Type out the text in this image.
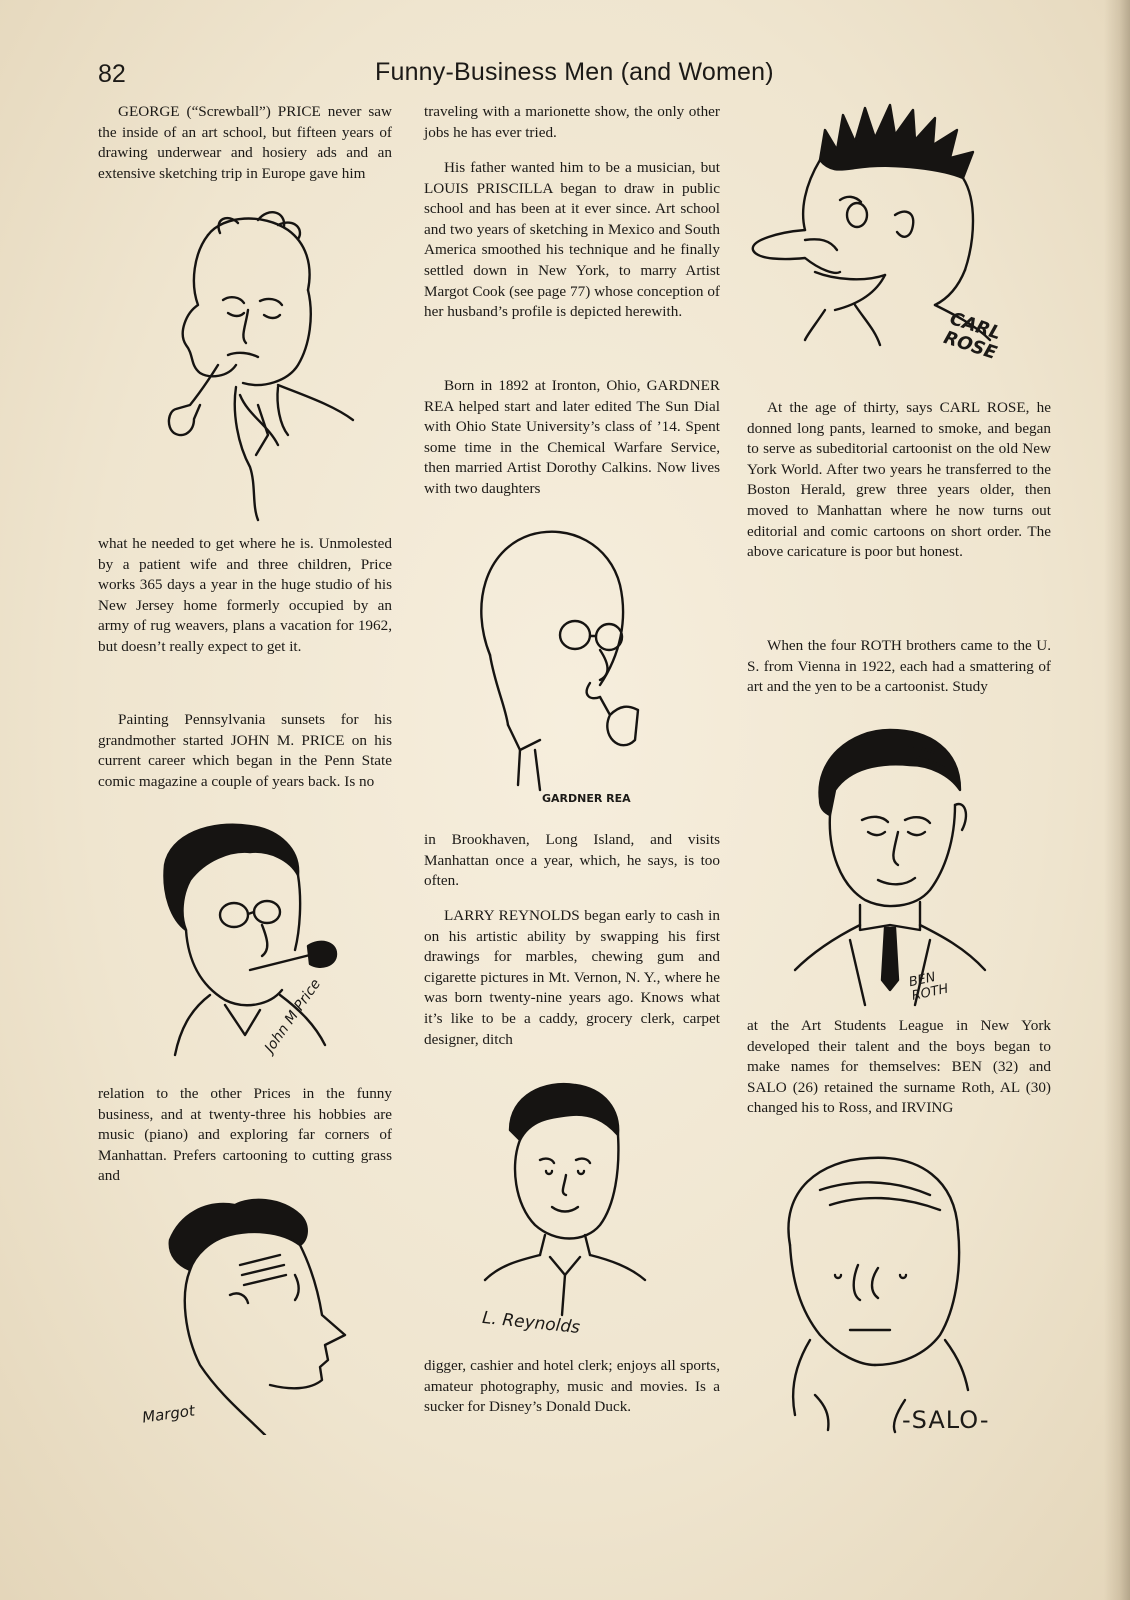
82	Funny-Business Men (and Women)
GEORGE (“Screwball”) PRICE never saw the inside of an art school, but fifteen years of drawing underwear and hosiery ads and an extensive sketching trip in Europe gave him
what he needed to get where he is. Unmolested by a patient wife and three children, Price works 365 days a year in the huge studio of his New Jersey home formerly occupied by an army of rug weavers, plans a vacation for 1962, but doesn’t really expect to get it.
Painting Pennsylvania sunsets for his grandmother started JOHN M. PRICE on his current career which began in the Penn State comic magazine a couple of years back. Is no
John M Price
relation to the other Prices in the funny business, and at twenty-three his hobbies are music (piano) and exploring far corners of Manhattan. Prefers cartooning to cutting grass and
Margot
traveling with a marionette show, the only other jobs he has ever tried.
His father wanted him to be a musician, but LOUIS PRISCILLA began to draw in public school and has been at it ever since. Art school and two years of sketching in Mexico and South America smoothed his technique and he finally settled down in New York, to marry Artist Margot Cook (see page 77) whose conception of her husband’s profile is depicted herewith.
Born in 1892 at Ironton, Ohio, GARDNER REA helped start and later edited The Sun Dial with Ohio State University’s class of ’14. Spent some time in the Chemical Warfare Service, then married Artist Dorothy Calkins. Now lives with two daughters
GARDNER REA
in Brookhaven, Long Island, and visits Manhattan once a year, which, he says, is too often.
LARRY REYNOLDS began early to cash in on his artistic ability by swapping his first drawings for marbles, chewing gum and cigarette pictures in Mt. Vernon, N. Y., where he was born twenty-nine years ago. Knows what it’s like to be a caddy, grocery clerk, carpet designer, ditch
L. Reynolds
digger, cashier and hotel clerk; enjoys all sports, amateur photography, music and movies. Is a sucker for Disney’s Donald Duck.
CARL ROSE
At the age of thirty, says CARL ROSE, he donned long pants, learned to smoke, and began to serve as subeditorial cartoonist on the old New York World. After two years he transferred to the Boston Herald, grew three years older, then moved to Manhattan where he now turns out editorial and comic cartoons on short order. The above caricature is poor but honest.
When the four ROTH brothers came to the U. S. from Vienna in 1922, each had a smattering of art and the yen to be a cartoonist. Study
BEN ROTH
at the Art Students League in New York developed their talent and the boys began to make names for themselves: BEN (32) and SALO (26) retained the surname Roth, AL (30) changed his to Ross, and IRVING
-SALO-
